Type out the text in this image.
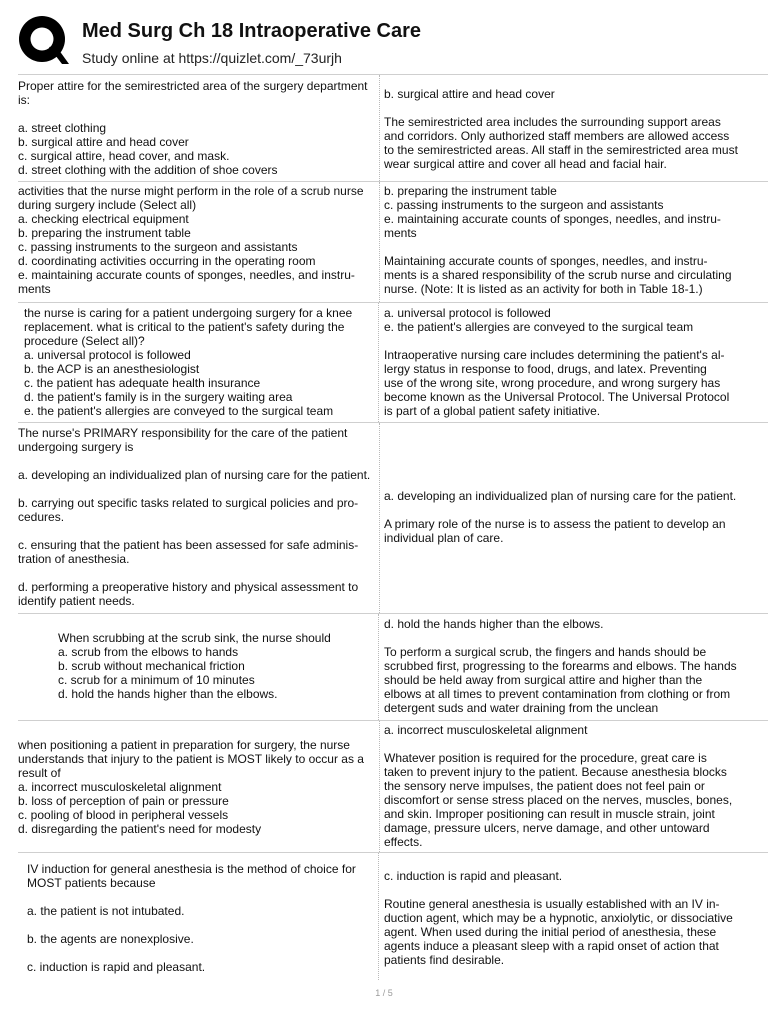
Med Surg Ch 18 Intraoperative Care
Study online at https://quizlet.com/_73urjh
Proper attire for the semirestricted area of the surgery department
is:
a. street clothing
b. surgical attire and head cover
c. surgical attire, head cover, and mask.
d. street clothing with the addition of shoe covers
b. surgical attire and head cover
The semirestricted area includes the surrounding support areas
and corridors. Only authorized staff members are allowed access
to the semirestricted areas. All staff in the semirestricted area must
wear surgical attire and cover all head and facial hair.
activities that the nurse might perform in the role of a scrub nurse
during surgery include (Select all)
a. checking electrical equipment
b. preparing the instrument table
c. passing instruments to the surgeon and assistants
d. coordinating activities occurring in the operating room
e. maintaining accurate counts of sponges, needles, and instru-
ments
b. preparing the instrument table
c. passing instruments to the surgeon and assistants
e. maintaining accurate counts of sponges, needles, and instru-
ments
Maintaining accurate counts of sponges, needles, and instru-
ments is a shared responsibility of the scrub nurse and circulating
nurse. (Note: It is listed as an activity for both in Table 18-1.)
the nurse is caring for a patient undergoing surgery for a knee
replacement. what is critical to the patient's safety during the
procedure (Select all)?
a. universal protocol is followed
b. the ACP is an anesthesiologist
c. the patient has adequate health insurance
d. the patient's family is in the surgery waiting area
e. the patient's allergies are conveyed to the surgical team
a. universal protocol is followed
e. the patient's allergies are conveyed to the surgical team
Intraoperative nursing care includes determining the patient's al-
lergy status in response to food, drugs, and latex. Preventing
use of the wrong site, wrong procedure, and wrong surgery has
become known as the Universal Protocol. The Universal Protocol
is part of a global patient safety initiative.
The nurse's PRIMARY responsibility for the care of the patient
undergoing surgery is
a. developing an individualized plan of nursing care for the patient.
b. carrying out specific tasks related to surgical policies and pro-
cedures.
c. ensuring that the patient has been assessed for safe adminis-
tration of anesthesia.
d. performing a preoperative history and physical assessment to
identify patient needs.
a. developing an individualized plan of nursing care for the patient.
A primary role of the nurse is to assess the patient to develop an
individual plan of care.
When scrubbing at the scrub sink, the nurse should
a. scrub from the elbows to hands
b. scrub without mechanical friction
c. scrub for a minimum of 10 minutes
d. hold the hands higher than the elbows.
d. hold the hands higher than the elbows.
To perform a surgical scrub, the fingers and hands should be
scrubbed first, progressing to the forearms and elbows. The hands
should be held away from surgical attire and higher than the
elbows at all times to prevent contamination from clothing or from
detergent suds and water draining from the unclean
when positioning a patient in preparation for surgery, the nurse
understands that injury to the patient is MOST likely to occur as a
result of
a. incorrect musculoskeletal alignment
b. loss of perception of pain or pressure
c. pooling of blood in peripheral vessels
d. disregarding the patient's need for modesty
a. incorrect musculoskeletal alignment
Whatever position is required for the procedure, great care is
taken to prevent injury to the patient. Because anesthesia blocks
the sensory nerve impulses, the patient does not feel pain or
discomfort or sense stress placed on the nerves, muscles, bones,
and skin. Improper positioning can result in muscle strain, joint
damage, pressure ulcers, nerve damage, and other untoward
effects.
IV induction for general anesthesia is the method of choice for
MOST patients because
a. the patient is not intubated.
b. the agents are nonexplosive.
c. induction is rapid and pleasant.
c. induction is rapid and pleasant.
Routine general anesthesia is usually established with an IV in-
duction agent, which may be a hypnotic, anxiolytic, or dissociative
agent. When used during the initial period of anesthesia, these
agents induce a pleasant sleep with a rapid onset of action that
patients find desirable.
1 / 5
